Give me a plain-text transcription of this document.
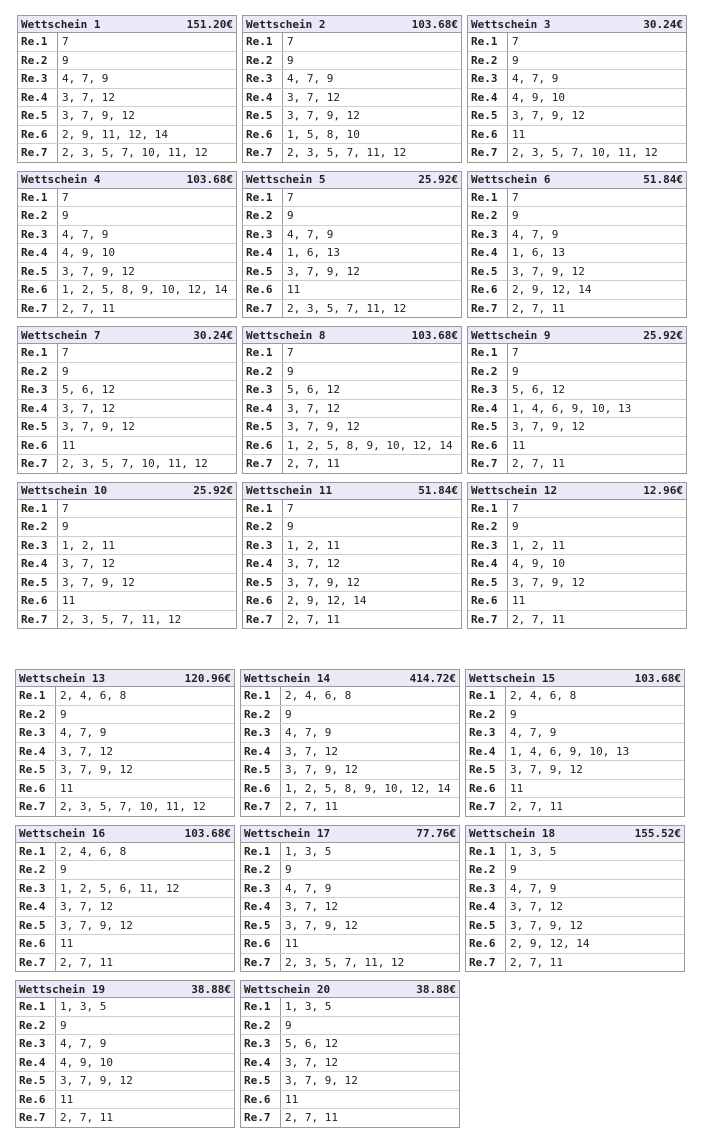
Wettschein 1	151.20€
Re.1	7
Re.2	9
Re.3	4, 7, 9
Re.4	3, 7, 12
Re.5	3, 7, 9, 12
Re.6	2, 9, 11, 12, 14
Re.7	2, 3, 5, 7, 10, 11, 12
Wettschein 2	103.68€
Re.1	7
Re.2	9
Re.3	4, 7, 9
Re.4	3, 7, 12
Re.5	3, 7, 9, 12
Re.6	1, 5, 8, 10
Re.7	2, 3, 5, 7, 11, 12
Wettschein 3	30.24€
Re.1	7
Re.2	9
Re.3	4, 7, 9
Re.4	4, 9, 10
Re.5	3, 7, 9, 12
Re.6	11
Re.7	2, 3, 5, 7, 10, 11, 12
Wettschein 4	103.68€
Re.1	7
Re.2	9
Re.3	4, 7, 9
Re.4	4, 9, 10
Re.5	3, 7, 9, 12
Re.6	1, 2, 5, 8, 9, 10, 12, 14
Re.7	2, 7, 11
Wettschein 5	25.92€
Re.1	7
Re.2	9
Re.3	4, 7, 9
Re.4	1, 6, 13
Re.5	3, 7, 9, 12
Re.6	11
Re.7	2, 3, 5, 7, 11, 12
Wettschein 6	51.84€
Re.1	7
Re.2	9
Re.3	4, 7, 9
Re.4	1, 6, 13
Re.5	3, 7, 9, 12
Re.6	2, 9, 12, 14
Re.7	2, 7, 11
Wettschein 7	30.24€
Re.1	7
Re.2	9
Re.3	5, 6, 12
Re.4	3, 7, 12
Re.5	3, 7, 9, 12
Re.6	11
Re.7	2, 3, 5, 7, 10, 11, 12
Wettschein 8	103.68€
Re.1	7
Re.2	9
Re.3	5, 6, 12
Re.4	3, 7, 12
Re.5	3, 7, 9, 12
Re.6	1, 2, 5, 8, 9, 10, 12, 14
Re.7	2, 7, 11
Wettschein 9	25.92€
Re.1	7
Re.2	9
Re.3	5, 6, 12
Re.4	1, 4, 6, 9, 10, 13
Re.5	3, 7, 9, 12
Re.6	11
Re.7	2, 7, 11
Wettschein 10	25.92€
Re.1	7
Re.2	9
Re.3	1, 2, 11
Re.4	3, 7, 12
Re.5	3, 7, 9, 12
Re.6	11
Re.7	2, 3, 5, 7, 11, 12
Wettschein 11	51.84€
Re.1	7
Re.2	9
Re.3	1, 2, 11
Re.4	3, 7, 12
Re.5	3, 7, 9, 12
Re.6	2, 9, 12, 14
Re.7	2, 7, 11
Wettschein 12	12.96€
Re.1	7
Re.2	9
Re.3	1, 2, 11
Re.4	4, 9, 10
Re.5	3, 7, 9, 12
Re.6	11
Re.7	2, 7, 11
Wettschein 13	120.96€
Re.1	2, 4, 6, 8
Re.2	9
Re.3	4, 7, 9
Re.4	3, 7, 12
Re.5	3, 7, 9, 12
Re.6	11
Re.7	2, 3, 5, 7, 10, 11, 12
Wettschein 14	414.72€
Re.1	2, 4, 6, 8
Re.2	9
Re.3	4, 7, 9
Re.4	3, 7, 12
Re.5	3, 7, 9, 12
Re.6	1, 2, 5, 8, 9, 10, 12, 14
Re.7	2, 7, 11
Wettschein 15	103.68€
Re.1	2, 4, 6, 8
Re.2	9
Re.3	4, 7, 9
Re.4	1, 4, 6, 9, 10, 13
Re.5	3, 7, 9, 12
Re.6	11
Re.7	2, 7, 11
Wettschein 16	103.68€
Re.1	2, 4, 6, 8
Re.2	9
Re.3	1, 2, 5, 6, 11, 12
Re.4	3, 7, 12
Re.5	3, 7, 9, 12
Re.6	11
Re.7	2, 7, 11
Wettschein 17	77.76€
Re.1	1, 3, 5
Re.2	9
Re.3	4, 7, 9
Re.4	3, 7, 12
Re.5	3, 7, 9, 12
Re.6	11
Re.7	2, 3, 5, 7, 11, 12
Wettschein 18	155.52€
Re.1	1, 3, 5
Re.2	9
Re.3	4, 7, 9
Re.4	3, 7, 12
Re.5	3, 7, 9, 12
Re.6	2, 9, 12, 14
Re.7	2, 7, 11
Wettschein 19	38.88€
Re.1	1, 3, 5
Re.2	9
Re.3	4, 7, 9
Re.4	4, 9, 10
Re.5	3, 7, 9, 12
Re.6	11
Re.7	2, 7, 11
Wettschein 20	38.88€
Re.1	1, 3, 5
Re.2	9
Re.3	5, 6, 12
Re.4	3, 7, 12
Re.5	3, 7, 9, 12
Re.6	11
Re.7	2, 7, 11
